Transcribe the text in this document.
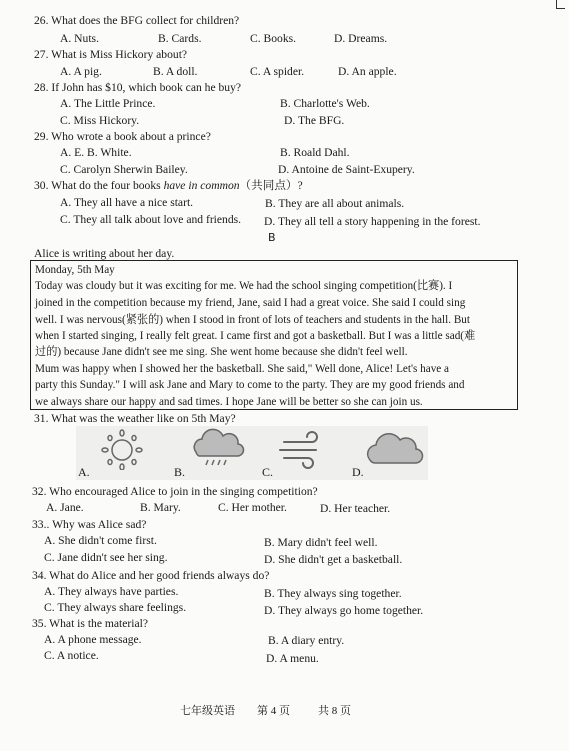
26. What does the BFG collect for children?
A. Nuts.	B. Cards.	C. Books.	D. Dreams.
27. What is Miss Hickory about?
A. A pig.	B. A doll.	C. A spider.	D. An apple.
28. If John has $10, which book can he buy?
A. The Little Prince.	B. Charlotte's Web.
C. Miss Hickory.	D. The BFG.
29. Who wrote a book about a prince?
A. E. B. White.	B. Roald Dahl.
C. Carolyn Sherwin Bailey.	D. Antoine de Saint-Exupery.
30. What do the four books have in common（共同点）?
A. They all have a nice start.	B. They are all about animals.
C. They all talk about love and friends. D. They all tell a story happening in the forest.
B
Alice is writing about her day.
Monday, 5th May
Today was cloudy but it was exciting for me. We had the school singing competition(比赛). I
joined in the competition because my friend, Jane, said I had a great voice. She said I could sing
well. I was nervous(紧张的) when I stood in front of lots of teachers and students in the hall. But
when I started singing, I really felt great. I came first and got a basketball. But I was a little sad(难
过的) because Jane didn't see me sing. She went home because she didn't feel well.
Mum was happy when I showed her the basketball. She said," Well done, Alice! Let's have a
party this Sunday." I will ask Jane and Mary to come to the party. They are my good friends and
we always share our happy and sad times. I hope Jane will be better so she can join us.
31. What was the weather like on 5th May?
A.	B.	C.	D.
32. Who encouraged Alice to join in the singing competition?
A. Jane.	B. Mary.	C. Her mother.	D. Her teacher.
33.. Why was Alice sad?
A. She didn't come first.	B. Mary didn't feel well.
C. Jane didn't see her sing.	D. She didn't get a basketball.
34. What do Alice and her good friends always do?
A. They always have parties.	B. They always sing together.
C. They always share feelings.	D. They always go home together.
35. What is the material?
A. A phone message.	B. A diary entry.
C. A notice.	D. A menu.
七年级英语 第 4 页	共 8 页
